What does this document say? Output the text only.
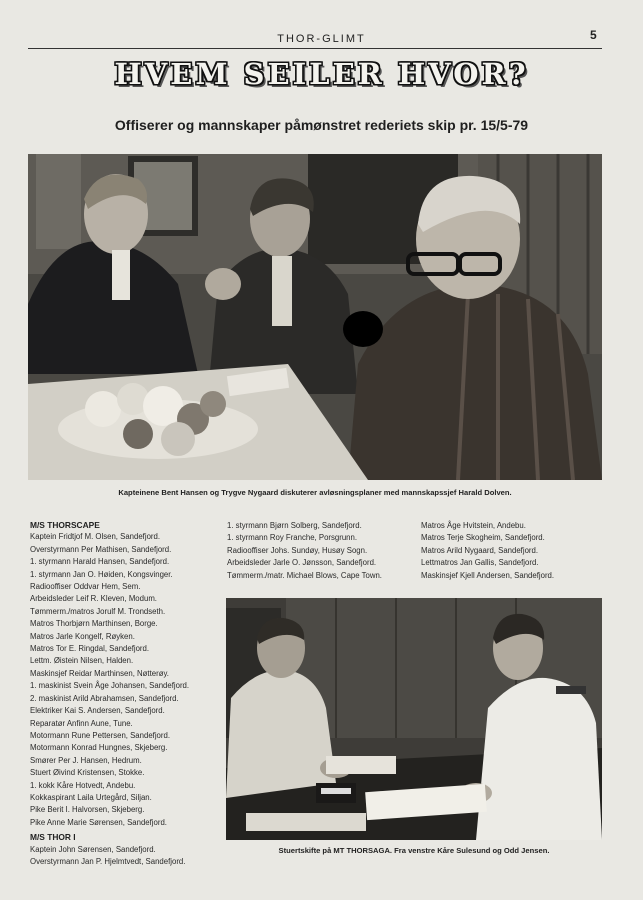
THOR-GLIMT	5
HVEM SEILER HVOR?
Offiserer og mannskaper påmønstret rederiets skip pr. 15/5-79
Kapteinene Bent Hansen og Trygve Nygaard diskuterer avløsningsplaner med mannskapssjef Harald Dolven.
M/S THORSCAPE
Kaptein Fridtjof M. Olsen, Sandefjord.
Overstyrmann Per Mathisen, Sandefjord.
1. styrmann Harald Hansen, Sandefjord.
1. styrmann Jan O. Høiden, Kongsvinger.
Radiooffiser Oddvar Hem, Sem.
Arbeidsleder Leif R. Kleven, Modum.
Tømmerm./matros Jorulf M. Trondseth.
Matros Thorbjørn Marthinsen, Borge.
Matros Jarle Kongelf, Røyken.
Matros Tor E. Ringdal, Sandefjord.
Lettm. Øistein Nilsen, Halden.
Maskinsjef Reidar Marthinsen, Nøtterøy.
1. maskinist Svein Åge Johansen, Sandefjord.
2. maskinist Arild Abrahamsen, Sandefjord.
Elektriker Kai S. Andersen, Sandefjord.
Reparatør Anfinn Aune, Tune.
Motormann Rune Pettersen, Sandefjord.
Motormann Konrad Hungnes, Skjeberg.
Smører Per J. Hansen, Hedrum.
Stuert Øivind Kristensen, Stokke.
1. kokk Kåre Hotvedt, Andebu.
Kokkaspirant Laila Urtegård, Siljan.
Pike Berit I. Halvorsen, Skjeberg.
Pike Anne Marie Sørensen, Sandefjord.
M/S THOR I
Kaptein John Sørensen, Sandefjord.
Overstyrmann Jan P. Hjelmtvedt, Sandefjord.
1. styrmann Bjørn Solberg, Sandefjord.
1. styrmann Roy Franche, Porsgrunn.
Radiooffiser Johs. Sundøy, Husøy Sogn.
Arbeidsleder Jarle O. Jønsson, Sandefjord.
Tømmerm./matr. Michael Blows, Cape Town.
Matros Åge Hvitstein, Andebu.
Matros Terje Skogheim, Sandefjord.
Matros Arild Nygaard, Sandefjord.
Lettmatros Jan Gallis, Sandefjord.
Maskinsjef Kjell Andersen, Sandefjord.
Stuertskifte på MT THORSAGA. Fra venstre Kåre Sulesund og Odd Jensen.
